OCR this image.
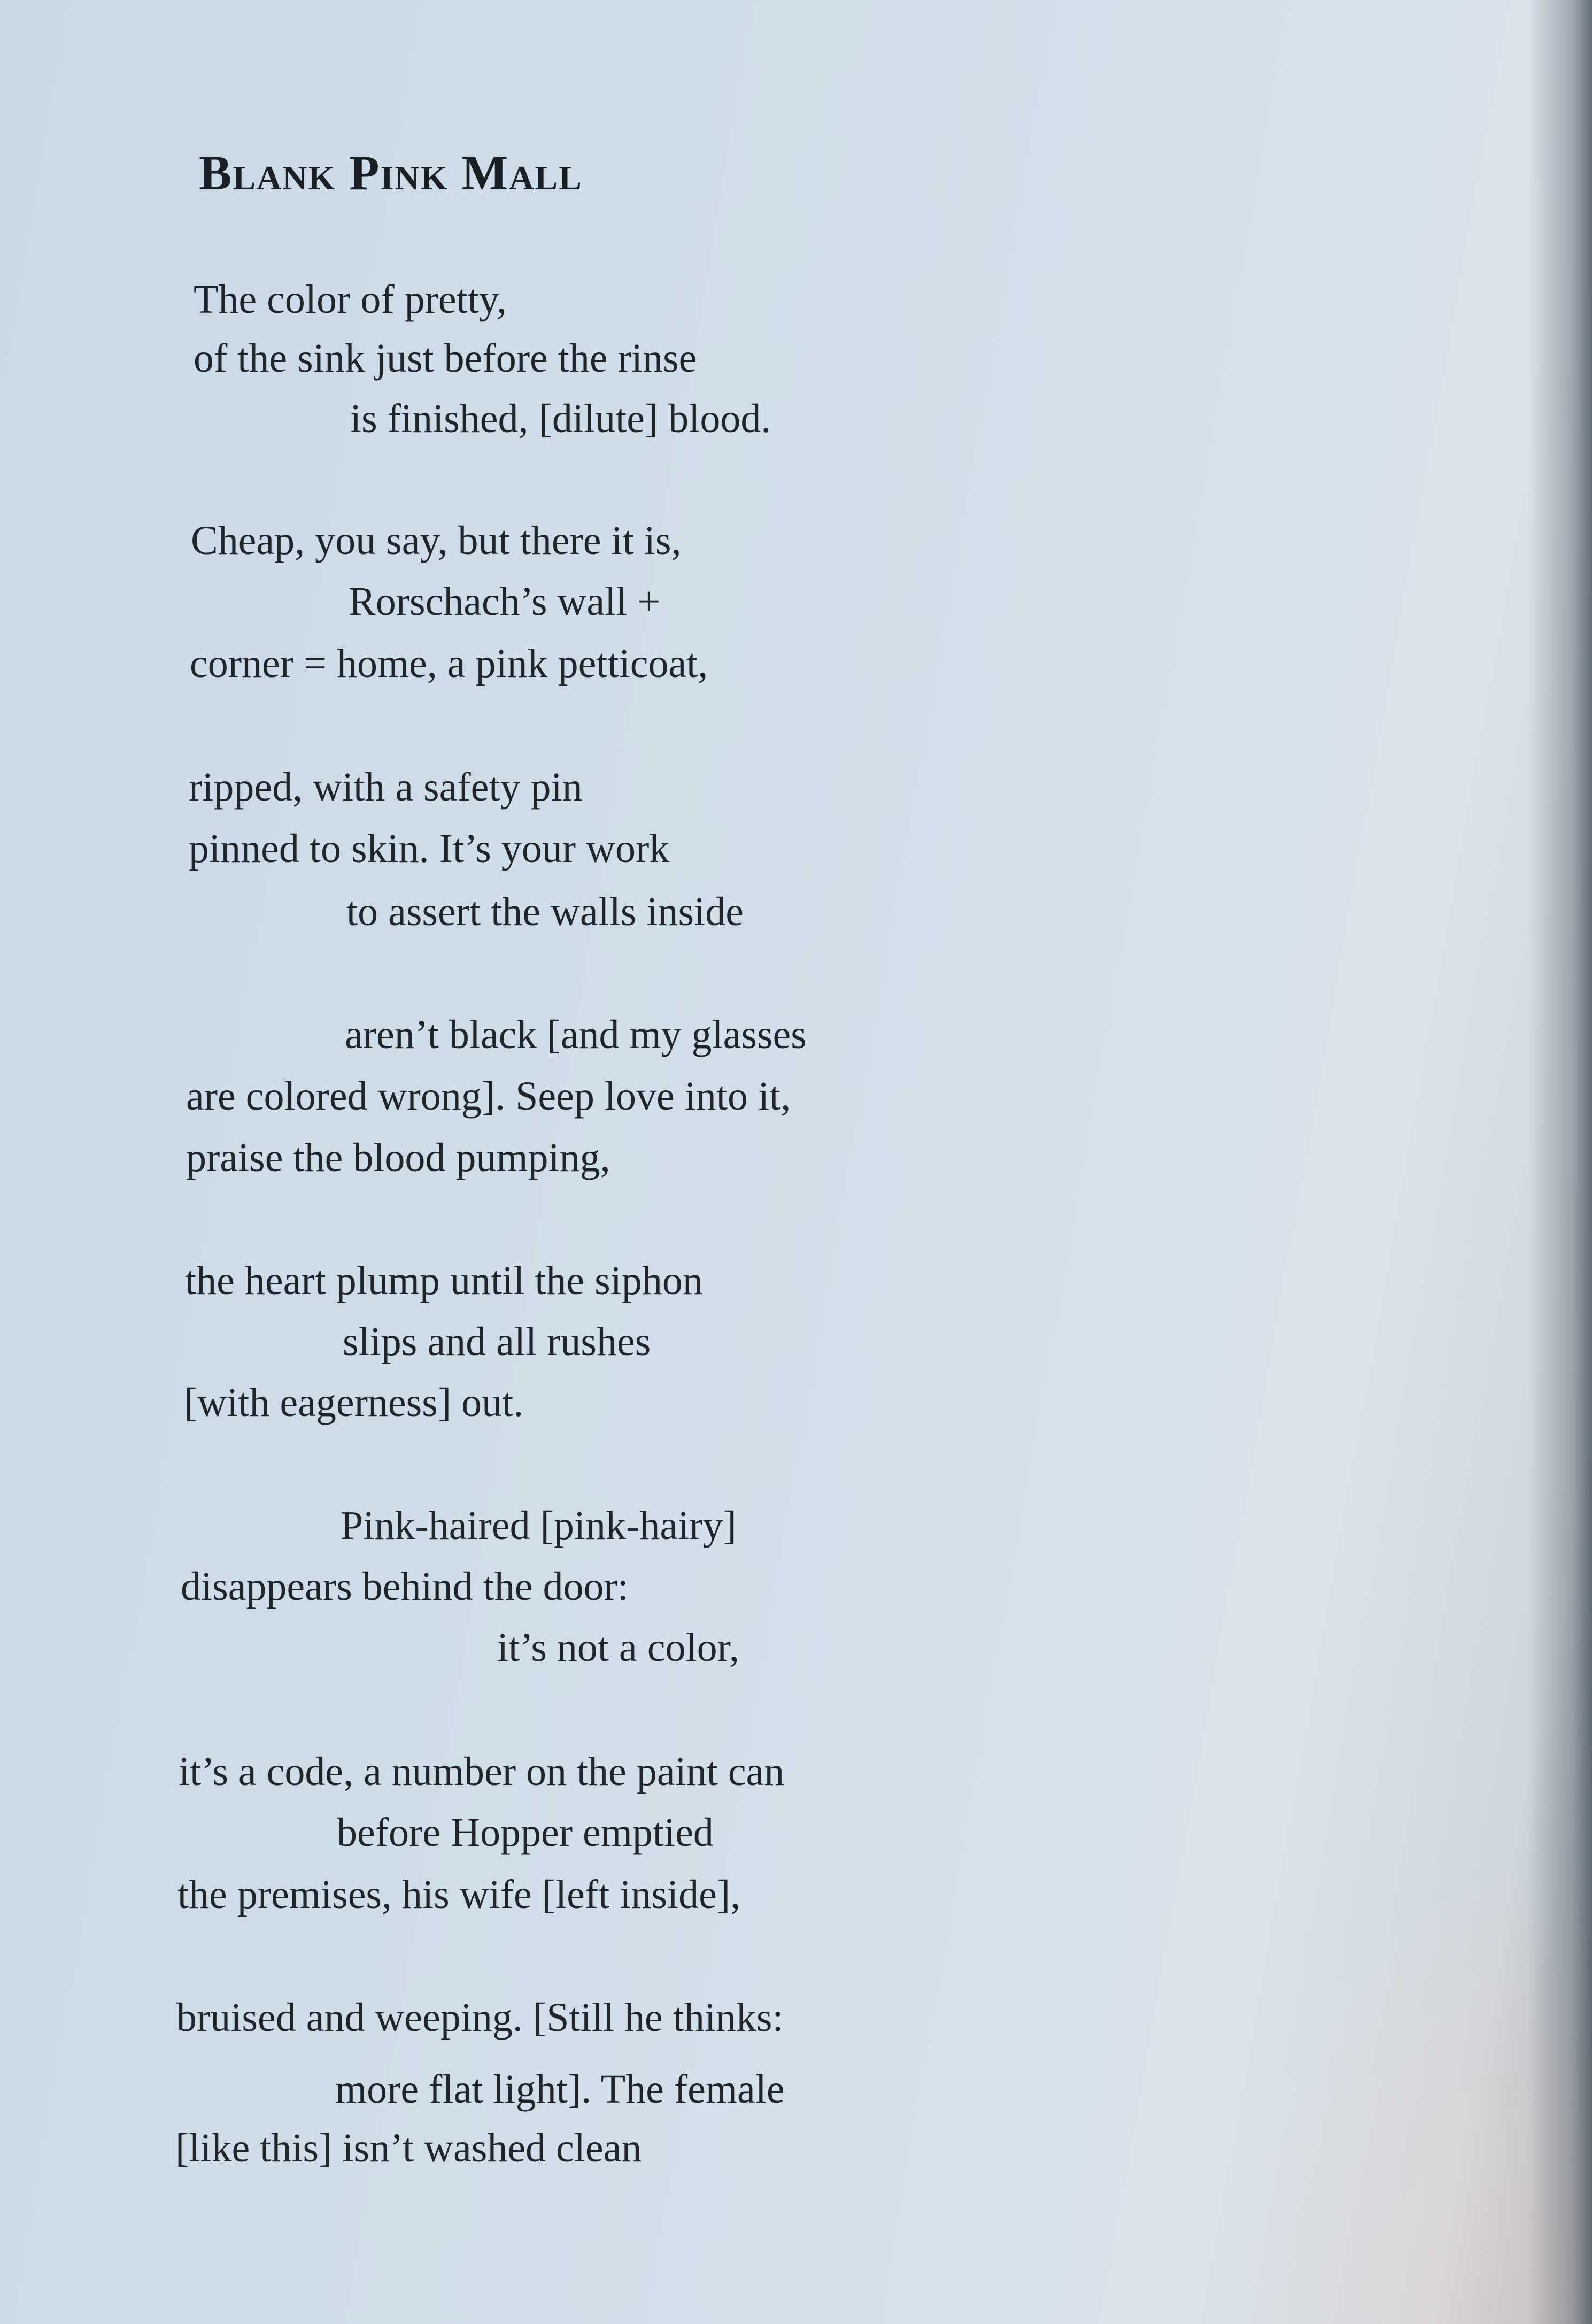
Blank Pink Mall
The color of pretty,
of the sink just before the rinse
is finished, [dilute] blood.
Cheap, you say, but there it is,
Rorschach’s wall +
corner = home, a pink petticoat,
ripped, with a safety pin
pinned to skin. It’s your work
to assert the walls inside
aren’t black [and my glasses
are colored wrong]. Seep love into it,
praise the blood pumping,
the heart plump until the siphon
slips and all rushes
[with eagerness] out.
Pink-haired [pink-hairy]
disappears behind the door:
it’s not a color,
it’s a code, a number on the paint can
before Hopper emptied
the premises, his wife [left inside],
bruised and weeping. [Still he thinks:
more flat light]. The female
[like this] isn’t washed clean
